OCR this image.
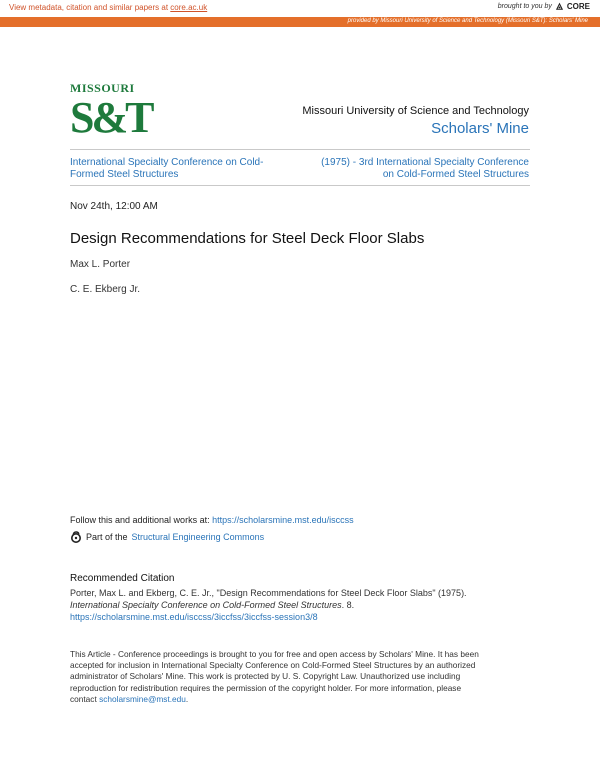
View metadata, citation and similar papers at core.ac.uk	brought to you by CORE
provided by Missouri University of Science and Technology (Missouri S&T): Scholars' Mine
MISSOURI
S&T	Missouri University of Science and Technology
Scholars' Mine
International Specialty Conference on Cold-
Formed Steel Structures
(1975) - 3rd International Specialty Conference
on Cold-Formed Steel Structures
Nov 24th, 12:00 AM
Design Recommendations for Steel Deck Floor Slabs
Max L. Porter
C. E. Ekberg Jr.
Follow this and additional works at: https://scholarsmine.mst.edu/isccss
Part of the Structural Engineering Commons
Recommended Citation
Porter, Max L. and Ekberg, C. E. Jr., "Design Recommendations for Steel Deck Floor Slabs" (1975).
International Specialty Conference on Cold-Formed Steel Structures. 8.
https://scholarsmine.mst.edu/isccss/3iccfss/3iccfss-session3/8
This Article - Conference proceedings is brought to you for free and open access by Scholars' Mine. It has been
accepted for inclusion in International Specialty Conference on Cold-Formed Steel Structures by an authorized
administrator of Scholars' Mine. This work is protected by U. S. Copyright Law. Unauthorized use including
reproduction for redistribution requires the permission of the copyright holder. For more information, please
contact scholarsmine@mst.edu.
